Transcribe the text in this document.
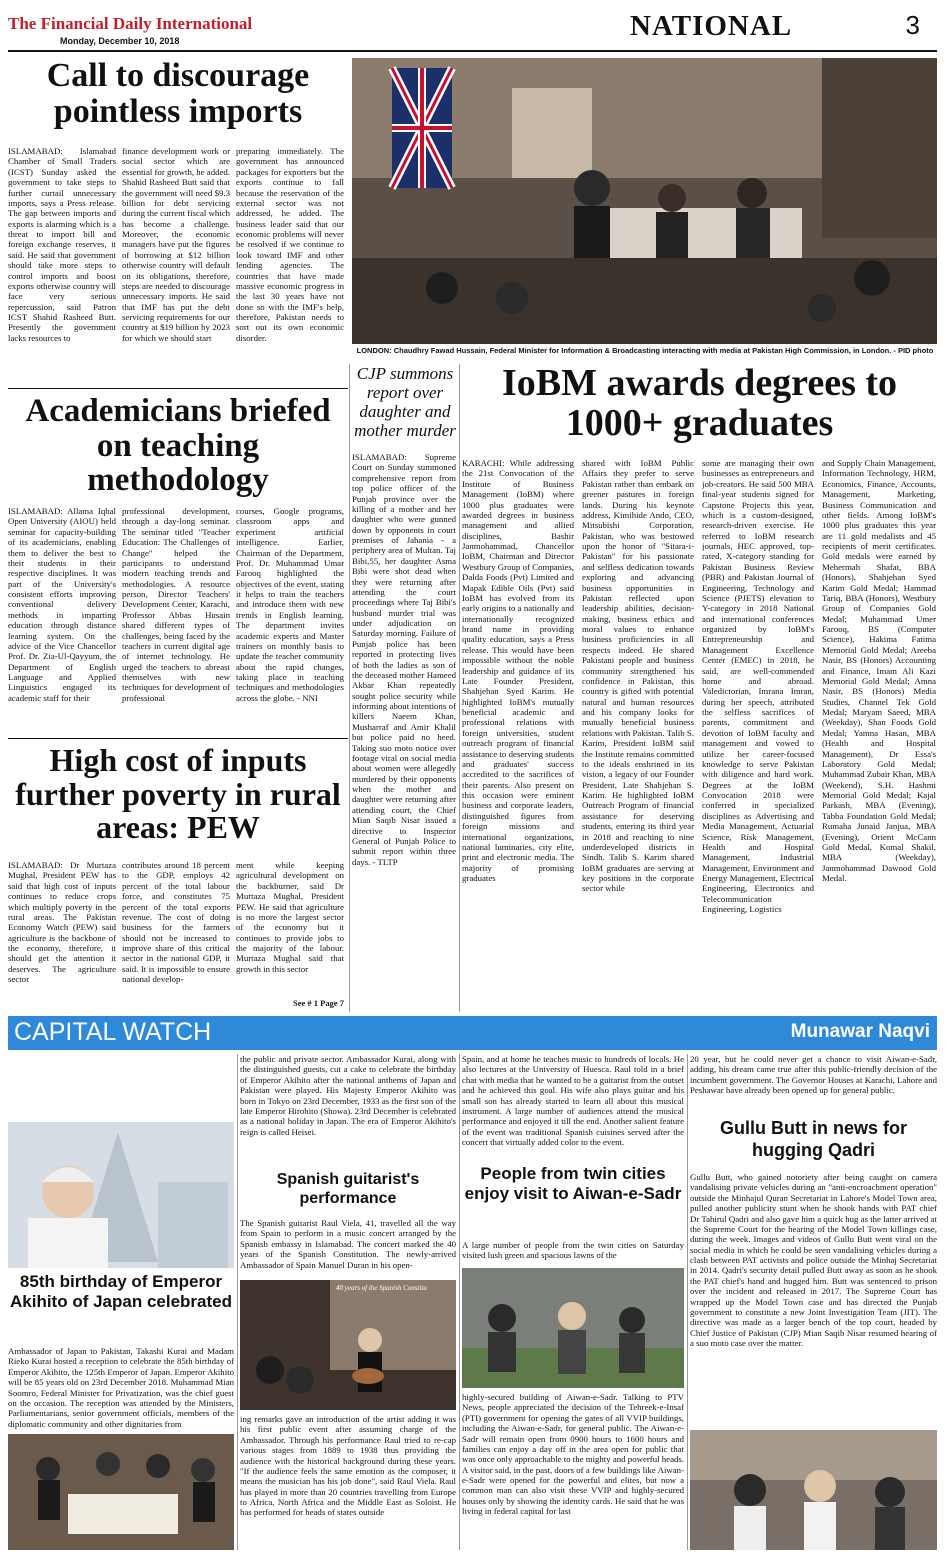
The Financial Daily International
Monday, December 10, 2018	NATIONAL	3
Call to discourage pointless imports
ISLAMABAD: Islamabad Chamber of Small Traders (ICST) Sunday asked the government to take steps to further curtail unnecessary imports, says a Press release. The gap between imports and exports is alarming which is a threat to import bill and foreign exchange reserves, it said. He said that government should take more steps to control imports and boost exports otherwise country will face very serious repercussion, said Patron ICST Shahid Rasheed Butt. Presently the government lacks resources to
finance development work or social sector which are essential for growth, he added. Shahid Rasheed Butt said that the government will need $9.3 billion for debt servicing during the current fiscal which has become a challenge. Moreover, the economic managers have put the figures of borrowing at $12 billion otherwise country will default on its obligations, therefore, steps are needed to discourage unnecessary imports. He said that IMF has put the debt servicing requirements for our country at $19 billion by 2023 for which we should start
preparing immediately. The government has announced packages for exporters but the exports continue to fall because the reservation of the external sector was not addressed, he added. The business leader said that our economic problems will never be resolved if we continue to look toward IMF and other lending agencies. The countries that have made massive economic progress in the last 30 years have not done so with the IMF's help, therefore, Pakistan needs to sort out its own economic disorder.
LONDON: Chaudhry Fawad Hussain, Federal Minister for Information & Broadcasting interacting with media at Pakistan High Commission, in London. - PID photo
Academicians briefed on teaching methodology
ISLAMABAD: Allama Iqbal Open University (AIOU) held seminar for capacity-building of its academicians, enabling them to deliver the best to their students in their respective disciplines. It was part of the University's consistent efforts improving conventional delivery methods in imparting education through distance learning system. On the advice of the Vice Chancellor Prof. Dr. Zia-Ul-Qayyum, the Department of English Language and Applied Linguistics engaged its academic staff for their
professional development, through a day-long seminar. The seminar titled "Teacher Education: The Challenges of Change" helped the participants to understand modern teaching trends and methodologies. A resource person, Director Teachers' Development Center, Karachi, Professor Abbas Husain shared different types of challenges, being faced by the teachers in current digital age of internet technology. He urged the teachers to abreast themselves with new techniques for development of professional
courses, Google programs, classroom apps and experiment artificial intelligence. Earlier, Chairman of the Department, Prof. Dr. Muhammad Umar Farooq highlighted the objectives of the event, stating it helps to train the teachers and introduce them with new trends in English learning. The department invites academic experts and Master trainers on monthly basis to update the teacher community about the rapid changes, taking place in teaching techniques and methodologies across the globe. - NNI
High cost of inputs further poverty in rural areas: PEW
ISLAMABAD: Dr Murtaza Mughal, President PEW has said that high cost of inputs continues to reduce crops which multiply poverty in the rural areas. The Pakistan Economy Watch (PEW) said agriculture is the backbone of the economy, therefore, it should get the attention it deserves. The agriculture sector
contributes around 18 percent to the GDP, employs 42 percent of the total labour force, and constitutes 75 percent of the total exports revenue. The cost of doing business for the farmers should not be increased to improve share of this critical sector in the national GDP, it said. It is impossible to ensure national develop-
ment while keeping agricultural development on the backburner, said Dr Murtaza Mughal, President PEW. He said that agriculture is no more the largest sector of the economy but it continues to provide jobs to the majority of the labour. Murtaza Mughal said that growth in this sector
See # 1 Page 7
CJP summons report over daughter and mother murder
ISLAMABAD: Supreme Court on Sunday summoned comprehensive report from top police officer of the Punjab province over the killing of a mother and her daughter who were gunned down by opponents in court premises of Jahania - a periphery area of Multan. Taj Bibi,55, her daughter Asma Bibi were shot dead when they were returning after attending the court proceedings where Taj Bibi's husband murder trial was under adjudication on Saturday morning. Failure of Punjab police has been reported in protecting lives of both the ladies as son of the deceased mother Hameed Akbar Khan repeatedly sought police security while informing about intentions of killers Naeem Khan, Musharraf and Amir Khalil but police paid no heed. Taking suo moto notice over footage viral on social media about women were allegedly murdered by their opponents when the mother and daughter were returning after attending court, the Chief Mian Saqib Nisar issued a directive to Inspector General of Punjab Police to submit report within three days. - TLTP
IoBM awards degrees to 1000+ graduates
KARACHI: While addressing the 21st Convocation of the Institute of Business Management (IoBM) where 1000 plus graduates were awarded degrees in business management and allied disciplines, Bashir Janmohammad, Chancellor IoBM, Chairman and Director Westbury Group of Companies, Dalda Foods (Pvt) Limited and Mapak Edible Oils (Pvt) said IoBM has evolved from its early origins to a nationally and internationally recognized brand name in providing quality education, says a Press release. This would have been impossible without the noble leadership and guidance of its Late Founder President, Shahjehan Syed Karim. He highlighted IoBM's mutually beneficial academic and professional relations with foreign universities, student outreach program of financial assistance to deserving students and graduates' success accredited to the sacrifices of their parents. Also present on this occasion were eminent business and corporate leaders, distinguished figures from foreign missions and international organizations, national luminaries, city elite, print and electronic media. The majority of promising graduates
shared with IoBM Public Affairs they prefer to serve Pakistan rather than embark on greener pastures in foreign lands. During his keynote address, Kimihide Ando, CEO, Mitsubishi Corporation, Pakistan, who was bestowed upon the honor of "Sitara-i-Pakistan" for his passionate and selfless dedication towards exploring and advancing business opportunities in Pakistan reflected upon leadership abilities, decision-making, business ethics and moral values to enhance business proficiencies in all respects indeed. He shared Pakistani people and business community strengthened his confidence in Pakistan, this country is gifted with potential natural and human resources and his company looks for mutually beneficial business relations with Pakistan. Talib S. Karim, President IoBM said the Institute remains committed to the ideals enshrined in its vision, a legacy of our Founder President, Late Shahjehan S. Karim. He highlighted IoBM Outreach Program of financial assistance for deserving students, entering its third year in 2018 and reaching to nine underdeveloped districts in Sindh. Talib S. Karim shared IoBM graduates are serving at key positions in the corporate sector while
some are managing their own businesses as entrepreneurs and job-creators. He said 500 MBA final-year students signed for Capstone Projects this year, which is a custom-designed, research-driven exercise. He referred to IoBM research journals, HEC approved, top-rated, X-category standing for Pakistan Business Review (PBR) and Pakistan Journal of Engineering, Technology and Science (PJETS) elevation to Y-category in 2018 National and international conferences organized by IoBM's Entrepreneurship and Management Excellence Center (EMEC) in 2018, he said, are well-commended home and abroad. Valedictorian, Imrana Imran, during her speech, attributed the selfless sacrifices of parents, commitment and devotion of IoBM faculty and management and vowed to utilize her career-focused knowledge to serve Pakistan with diligence and hard work. Degrees at the IoBM Convocation 2018 were conferred in specialized disciplines as Advertising and Media Management, Actuarial Science, Risk Management, Health and Hospital Management, Industrial Management, Environment and Energy Management, Electrical Engineering, Electronics and Telecommunication Engineering, Logistics
and Supply Chain Management, Information Technology, HRM, Economics, Finance, Accounts, Management, Marketing, Business Communication and other fields. Among IoBM's 1000 plus graduates this year are 11 gold medalists and 45 recipients of merit certificates. Gold medals were earned by Mehermah Shafat, BBA (Honors), Shahjehan Syed Karim Gold Medal; Hammad Tariq, BBA (Honors), Westbury Group of Companies Gold Medal; Muhammad Umer Farooq, BS (Computer Science), Hakima Fatima Memorial Gold Medal; Areeba Nasir, BS (Honors) Accounting and Finance, Imam Ali Kazi Memorial Gold Medal; Amna Nasir, BS (Honors) Media Studies, Channel Tek Gold Medal; Maryam Saeed, MBA (Weekday), Shan Foods Gold Medal; Yamna Hasan, MBA (Health and Hospital Management), Dr Essa's Laboratory Gold Medal; Muhammad Zubair Khan, MBA (Weekend), S.H. Hashmi Memorial Gold Medal; Kajal Parkash, MBA (Evening), Tabba Foundation Gold Medal; Rumaha Junaid Janjua, MBA (Evening), Orient McCann Gold Medal, Komal Shakil, MBA (Weekday), Janmohammad Dawood Gold Medal.
CAPITAL WATCH	Munawar Naqvi
85th birthday of Emperor Akihito of Japan celebrated
Ambassador of Japan to Pakistan, Takashi Kurai and Madam Rieko Kurai hosted a reception to celebrate the 85th birthday of Emperor Akihito, the 125th Emperor of Japan. Emperor Akihito will be 85 years old on 23rd December 2018. Muhammad Mian Soomro, Federal Minister for Privatization, was the chief guest on the occasion. The reception was attended by the Ministers, Parliamentarians, senior government officials, members of the diplomatic community and other dignitaries from
the public and private sector. Ambassador Kurai, along with the distinguished guests, cut a cake to celebrate the birthday of Emperor Akihito after the national anthems of Japan and Pakistan were played. His Majesty Emperor Akihito was born in Tokyo on 23rd December, 1933 as the first son of the late Emperor Hirohito (Showa). 23rd December is celebrated as a national holiday in Japan. The era of Emperor Akihito's reign is called Heisei.
Spanish guitarist's performance
The Spanish guitarist Raul Viela, 41, travelled all the way from Spain to perform in a music concert arranged by the Spanish embassy in Islamabad. The concert marked the 40 years of the Spanish Constitution. The newly-arrived Ambassador of Spain Manuel Duran in his open-
40 years of the Spanish Constitu
ing remarks gave an introduction of the artist adding it was his first public event after assuming charge of the Ambassador. Through his performance Raul tried to re-cap various stages from 1889 to 1938 thus providing the audience with the historical background during these years. "If the audience feels the same emotion as the composer, it means the musician has his job done", said Raul Viela. Raul has played in more than 20 countries travelling from Europe to Africa, North Africa and the Middle East as Soloist. He has performed for heads of states outside
Spain, and at home he teaches music to hundreds of locals. He also lectures at the University of Huesca. Raul told in a brief chat with media that he wanted to be a guitarist from the outset and he achieved this goal. His wife also plays guitar and his small son has already started to learn all about this musical instrument. A large number of audiences attend the musical performance and enjoyed it till the end. Another salient feature of the event was traditional Spanish cuisines served after the concert that virtually added color to the event.
People from twin cities enjoy visit to Aiwan-e-Sadr
A large number of people from the twin cities on Saturday visited lush green and spacious lawns of the
highly-secured building of Aiwan-e-Sadr. Talking to PTV News, people appreciated the decision of the Tehreek-e-Insaf (PTI) government for opening the gates of all VVIP buildings, including the Aiwan-e-Sadr, for general public. The Aiwan-e-Sadr will remain open from 0900 hours to 1600 hours and families can enjoy a day off in the area open for public that was once only approachable to the mighty and powerful heads. A visitor said, in the past, doors of a few buildings like Aiwan-e-Sadr were opened for the powerful and elites, but now a common man can also visit these VVIP and highly-secured houses only by showing the identity cards. He said that he was living in federal capital for last
20 year, but he could never get a chance to visit Aiwan-e-Sadr, adding, his dream came true after this public-friendly decision of the incumbent government. The Governor Houses at Karachi, Lahore and Peshawar have already been opened up for general public.
Gullu Butt in news for hugging Qadri
Gullu Butt, who gained notoriety after being caught on camera vandalising private vehicles during an "anti-encroachment operation" outside the Minhajul Quran Secretariat in Lahore's Model Town area, pulled another publicity stunt when he shook hands with PAT chief Dr Tahirul Qadri and also gave him a quick hug as the latter arrived at the Supreme Court for the hearing of the Model Town killings case, during the week. Images and videos of Gullu Butt went viral on the social media in which he could be seen vandalising vehicles during a clash between PAT activists and police outside the Minhaj Secretariat in 2014. Qadri's security detail pulled Butt away as soon as he shook the PAT chief's hand and hugged him. Butt was sentenced to prison over the incident and released in 2017. The Supreme Court has wrapped up the Model Town case and has directed the Punjab government to constitute a new Joint Investigation Team (JIT). The directive was made as a larger bench of the top court, headed by Chief Justice of Pakistan (CJP) Mian Saqib Nisar resumed hearing of a suo moto case over the matter.
